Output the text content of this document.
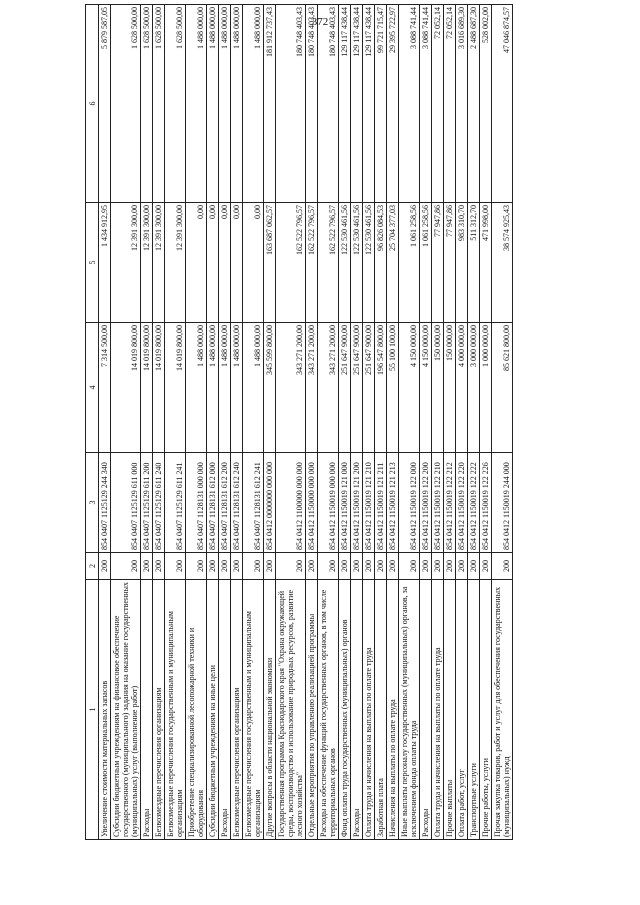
372
1	2	3	4	5	6
Увеличение стоимости материальных запасов	200	854 0407 1125129 244 340	7 314 500,00	1 434 912,95	5 879 587,05
Субсидии бюджетным учреждениям на финансовое обеспечение государственного (муниципального) задания на оказание государственных (муниципальных) услуг (выполнение работ)	200	854 0407 1125129 611 000	14 019 800,00	12 391 300,00	1 628 500,00
Расходы	200	854 0407 1125129 611 200	14 019 800,00	12 391 300,00	1 628 500,00
Безвозмездные перечисления организациям	200	854 0407 1125129 611 240	14 019 800,00	12 391 300,00	1 628 500,00
Безвозмездные перечисления государственным и муниципальным организациям	200	854 0407 1125129 611 241	14 019 800,00	12 391 300,00	1 628 500,00
Приобретение специализированной лесопожарной техники и оборудования	200	854 0407 1128131 000 000	1 488 000,00	0,00	1 488 000,00
Субсидии бюджетным учреждениям на иные цели	200	854 0407 1128131 612 000	1 488 000,00	0,00	1 488 000,00
Расходы	200	854 0407 1128131 612 200	1 488 000,00	0,00	1 488 000,00
Безвозмездные перечисления организациям	200	854 0407 1128131 612 240	1 488 000,00	0,00	1 488 000,00
Безвозмездные перечисления государственным и муниципальным организациям	200	854 0407 1128131 612 241	1 488 000,00	0,00	1 488 000,00
Другие вопросы в области национальной экономики	200	854 0412 0000000 000 000	345 599 800,00	163 687 062,57	181 912 737,43
Государственная программа Краснодарского края "Охрана окружающей среды, воспроизводство и использование природных ресурсов, развитие лесного хозяйства"	200	854 0412 1100000 000 000	343 271 200,00	162 522 796,57	180 748 403,43
Отдельные мероприятия по управлению реализацией программы	200	854 0412 1150000 000 000	343 271 200,00	162 522 796,57	180 748 403,43
Расходы на обеспечение функций государственных органов, в том числе территориальных органов	200	854 0412 1150019 000 000	343 271 200,00	162 522 796,57	180 748 403,43
Фонд оплаты труда государственных (муниципальных) органов	200	854 0412 1150019 121 000	251 647 900,00	122 530 461,56	129 117 438,44
Расходы	200	854 0412 1150019 121 200	251 647 900,00	122 530 461,56	129 117 438,44
Оплата труда и начисления на выплаты по оплате труда	200	854 0412 1150019 121 210	251 647 900,00	122 530 461,56	129 117 438,44
Заработная плата	200	854 0412 1150019 121 211	196 547 800,00	96 826 084,53	99 721 715,47
Начисления на выплаты по оплате труда	200	854 0412 1150019 121 213	55 100 100,00	25 704 377,03	29 395 722,97
Иные выплаты персоналу государственных (муниципальных) органов, за исключением фонда оплаты труда	200	854 0412 1150019 122 000	4 150 000,00	1 061 258,56	3 088 741,44
Расходы	200	854 0412 1150019 122 200	4 150 000,00	1 061 258,56	3 088 741,44
Оплата труда и начисления на выплаты по оплате труда	200	854 0412 1150019 122 210	150 000,00	77 947,86	72 052,14
Прочие выплаты	200	854 0412 1150019 122 212	150 000,00	77 947,86	72 052,14
Оплата работ, услуг	200	854 0412 1150019 122 220	4 000 000,00	983 310,70	3 016 689,30
Транспортные услуги	200	854 0412 1150019 122 222	3 000 000,00	511 312,70	2 488 687,30
Прочие работы, услуги	200	854 0412 1150019 122 226	1 000 000,00	471 998,00	528 002,00
Прочая закупка товаров, работ и услуг для обеспечения государственных (муниципальных) нужд	200	854 0412 1150019 244 000	85 621 800,00	38 574 925,43	47 046 874,57
